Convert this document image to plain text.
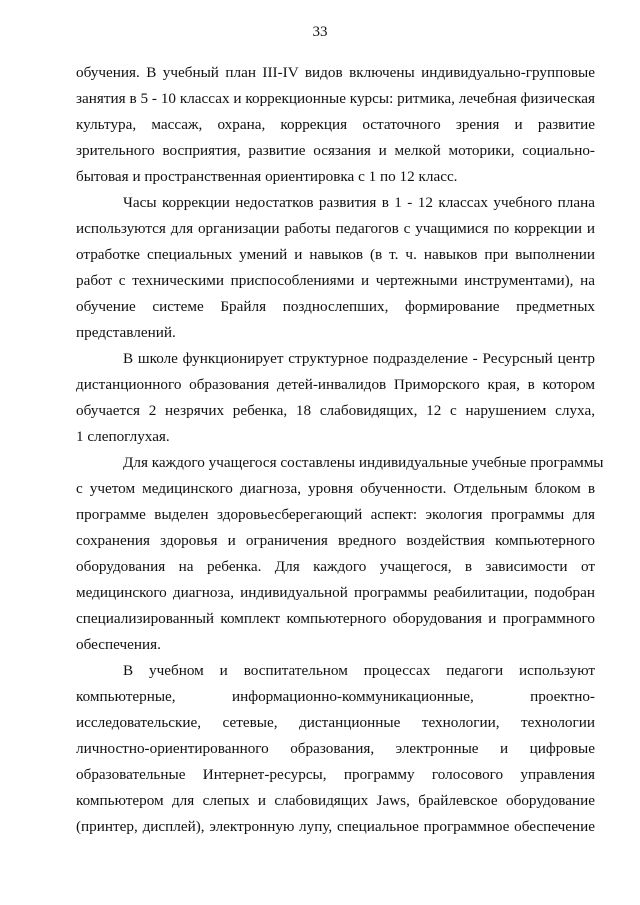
33
обучения. В учебный план III-IV видов включены индивидуально-групповые
занятия в 5 - 10 классах и коррекционные курсы: ритмика, лечебная физическая
культура, массаж, охрана, коррекция остаточного зрения и развитие
зрительного восприятия, развитие осязания и мелкой моторики, социально-
бытовая и пространственная ориентировка с 1 по 12 класс.
Часы коррекции недостатков развития в 1 - 12 классах учебного плана
используются для организации работы педагогов с учащимися по коррекции и
отработке специальных умений и навыков (в т. ч. навыков при выполнении
работ с техническими приспособлениями и чертежными инструментами), на
обучение системе Брайля позднослепших, формирование предметных
представлений.
В школе функционирует структурное подразделение - Ресурсный центр
дистанционного образования детей-инвалидов Приморского края, в котором
обучается 2 незрячих ребенка, 18 слабовидящих, 12 с нарушением слуха,
1 слепоглухая.
Для каждого учащегося составлены индивидуальные учебные программы
с учетом медицинского диагноза, уровня обученности. Отдельным блоком в
программе выделен здоровьесберегающий аспект: экология программы для
сохранения здоровья и ограничения вредного воздействия компьютерного
оборудования на ребенка. Для каждого учащегося, в зависимости от
медицинского диагноза, индивидуальной программы реабилитации, подобран
специализированный комплект компьютерного оборудования и программного
обеспечения.
В учебном и воспитательном процессах педагоги используют
компьютерные, информационно-коммуникационные, проектно-
исследовательские, сетевые, дистанционные технологии, технологии
личностно-ориентированного образования, электронные и цифровые
образовательные Интернет-ресурсы, программу голосового управления
компьютером для слепых и слабовидящих Jaws, брайлевское оборудование
(принтер, дисплей), электронную лупу, специальное программное обеспечение
